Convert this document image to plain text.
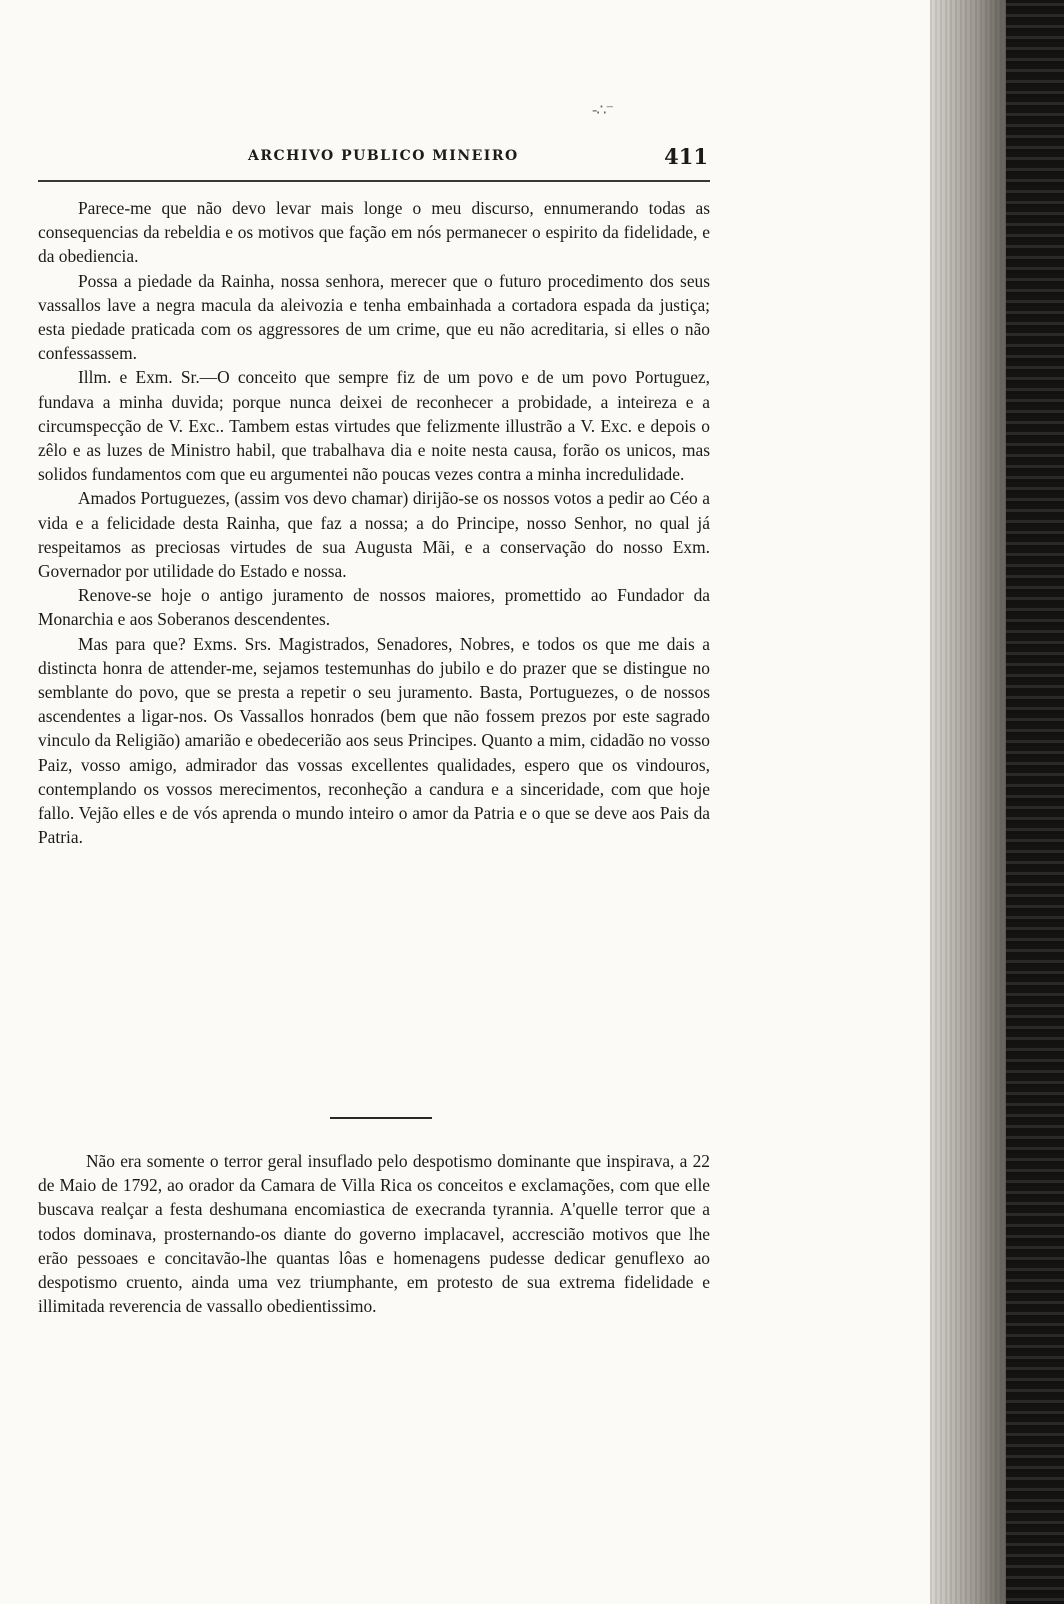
-∴⁻
ARCHIVO PUBLICO MINEIRO	411

Parece-me que não devo levar mais longe o meu discurso, ennumerando todas as consequencias da rebeldia e os motivos que fação em nós permanecer o espirito da fidelidade, e da obediencia.

Possa a piedade da Rainha, nossa senhora, merecer que o futuro procedimento dos seus vassallos lave a negra macula da aleivozia e tenha embainhada a cortadora espada da justiça; esta piedade praticada com os aggressores de um crime, que eu não acreditaria, si elles o não confessassem.

Illm. e Exm. Sr.—O conceito que sempre fiz de um povo e de um povo Portuguez, fundava a minha duvida; porque nunca deixei de reconhecer a probidade, a inteireza e a circumspecção de V. Exc.. Tambem estas virtudes que felizmente illustrão a V. Exc. e depois o zêlo e as luzes de Ministro habil, que trabalhava dia e noite nesta causa, forão os unicos, mas solidos fundamentos com que eu argumentei não poucas vezes contra a minha incredulidade.

Amados Portuguezes, (assim vos devo chamar) dirijão-se os nossos votos a pedir ao Céo a vida e a felicidade desta Rainha, que faz a nossa; a do Principe, nosso Senhor, no qual já respeitamos as preciosas virtudes de sua Augusta Mãi, e a conservação do nosso Exm. Governador por utilidade do Estado e nossa.

Renove-se hoje o antigo juramento de nossos maiores, promettido ao Fundador da Monarchia e aos Soberanos descendentes.

Mas para que? Exms. Srs. Magistrados, Senadores, Nobres, e todos os que me dais a distincta honra de attender-me, sejamos testemunhas do jubilo e do prazer que se distingue no semblante do povo, que se presta a repetir o seu juramento. Basta, Portuguezes, o de nossos ascendentes a ligar-nos. Os Vassallos honrados (bem que não fossem prezos por este sagrado vinculo da Religião) amarião e obedecerião aos seus Principes. Quanto a mim, cidadão no vosso Paiz, vosso amigo, admirador das vossas excellentes qualidades, espero que os vindouros, contemplando os vossos merecimentos, reconheção a candura e a sinceridade, com que hoje fallo. Vejão elles e de vós aprenda o mundo inteiro o amor da Patria e o que se deve aos Pais da Patria.

Não era somente o terror geral insuflado pelo despotismo dominante que inspirava, a 22 de Maio de 1792, ao orador da Camara de Villa Rica os conceitos e exclamações, com que elle buscava realçar a festa deshumana encomiastica de execranda tyrannia. A'quelle terror que a todos dominava, prosternando-os diante do governo implacavel, accrescião motivos que lhe erão pessoaes e concitavão-lhe quantas lôas e homenagens pudesse dedicar genuflexo ao despotismo cruento, ainda uma vez triumphante, em protesto de sua extrema fidelidade e illimitada reverencia de vassallo obedientissimo.
